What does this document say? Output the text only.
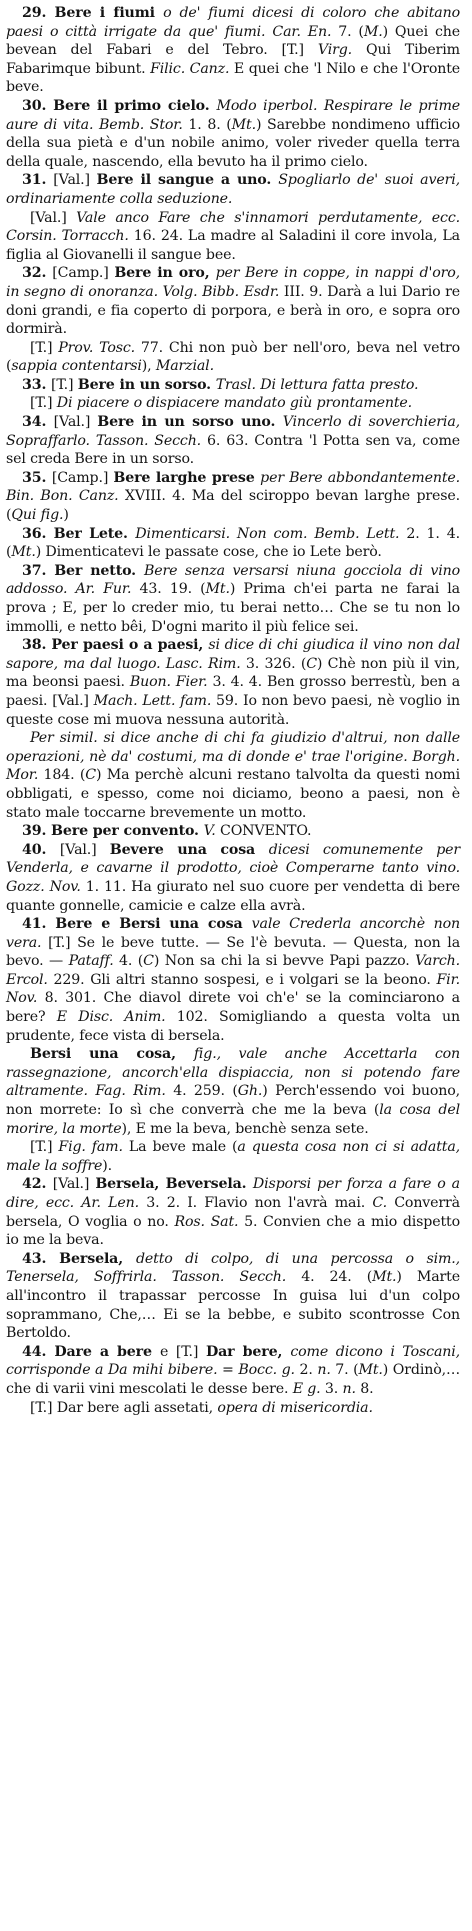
29. Bere i fiumi o de' fiumi dicesi di coloro che abitano paesi o città irrigate da que' fiumi. Car. En. 7. (M.) Quei che bevean del Fabari e del Tebro. [T.] Virg. Qui Tiberim Fabarimque bibunt. Filic. Canz. E quei che 'l Nilo e che l'Oronte beve.

30. Bere il primo cielo. Modo iperbol. Respirare le prime aure di vita. Bemb. Stor. 1. 8. (Mt.) Sarebbe nondimeno ufficio della sua pietà e d'un nobile animo, voler riveder quella terra della quale, nascendo, ella bevuto ha il primo cielo.

31. [Val.] Bere il sangue a uno. Spogliarlo de' suoi averi, ordinariamente colla seduzione.

[Val.] Vale anco Fare che s'innamori perdutamente, ecc. Corsin. Torracch. 16. 24. La madre al Saladini il core invola, La figlia al Giovanelli il sangue bee.

32. [Camp.] Bere in oro, per Bere in coppe, in nappi d'oro, in segno di onoranza. Volg. Bibb. Esdr. III. 9. Darà a lui Dario re doni grandi, e fia coperto di porpora, e berà in oro, e sopra oro dormirà.

[T.] Prov. Tosc. 77. Chi non può ber nell'oro, beva nel vetro (sappia contentarsi), Marzial.

33. [T.] Bere in un sorso. Trasl. Di lettura fatta presto.

[T.] Di piacere o dispiacere mandato giù prontamente.

34. [Val.] Bere in un sorso uno. Vincerlo di soverchieria, Sopraffarlo. Tasson. Secch. 6. 63. Contra 'l Potta sen va, come sel creda Bere in un sorso.

35. [Camp.] Bere larghe prese per Bere abbondantemente. Bin. Bon. Canz. XVIII. 4. Ma del sciroppo bevan larghe prese. (Qui fig.)

36. Ber Lete. Dimenticarsi. Non com. Bemb. Lett. 2. 1. 4. (Mt.) Dimenticatevi le passate cose, che io Lete berò.

37. Ber netto. Bere senza versarsi niuna gocciola di vino addosso. Ar. Fur. 43. 19. (Mt.) Prima ch'ei parta ne farai la prova ; E, per lo creder mio, tu berai netto… Che se tu non lo immolli, e netto bêi, D'ogni marito il più felice sei.

38. Per paesi o a paesi, si dice di chi giudica il vino non dal sapore, ma dal luogo. Lasc. Rim. 3. 326. (C) Chè non più il vin, ma beonsi paesi. Buon. Fier. 3. 4. 4. Ben grosso berrestù, ben a paesi. [Val.] Mach. Lett. fam. 59. Io non bevo paesi, nè voglio in queste cose mi muova nessuna autorità.

Per simil. si dice anche di chi fa giudizio d'altrui, non dalle operazioni, nè da' costumi, ma di donde e' trae l'origine. Borgh. Mor. 184. (C) Ma perchè alcuni restano talvolta da questi nomi obbligati, e spesso, come noi diciamo, beono a paesi, non è stato male toccarne brevemente un motto.

39. Bere per convento. V. CONVENTO.

40. [Val.] Bevere una cosa dicesi comunemente per Venderla, e cavarne il prodotto, cioè Comperarne tanto vino. Gozz. Nov. 1. 11. Ha giurato nel suo cuore per vendetta di bere quante gonnelle, camicie e calze ella avrà.

41. Bere e Bersi una cosa vale Crederla ancorchè non vera. [T.] Se le beve tutte. — Se l'è bevuta. — Questa, non la bevo. — Pataff. 4. (C) Non sa chi la si bevve Papi pazzo. Varch. Ercol. 229. Gli altri stanno sospesi, e i volgari se la beono. Fir. Nov. 8. 301. Che diavol direte voi ch'e' se la cominciarono a bere? E Disc. Anim. 102. Somigliando a questa volta un prudente, fece vista di bersela.

Bersi una cosa, fig., vale anche Accettarla con rassegnazione, ancorch'ella dispiaccia, non si potendo fare altramente. Fag. Rim. 4. 259. (Gh.) Perch'essendo voi buono, non morrete: Io sì che converrà che me la beva (la cosa del morire, la morte), E me la beva, benchè senza sete.

[T.] Fig. fam. La beve male (a questa cosa non ci si adatta, male la soffre).

42. [Val.] Bersela, Beversela. Disporsi per forza a fare o a dire, ecc. Ar. Len. 3. 2. I. Flavio non l'avrà mai. C. Converrà bersela, O voglia o no. Ros. Sat. 5. Convien che a mio dispetto io me la beva.

43. Bersela, detto di colpo, di una percossa o sim., Tenersela, Soffrirla. Tasson. Secch. 4. 24. (Mt.) Marte all'incontro il trapassar percosse In guisa lui d'un colpo soprammano, Che,… Ei se la bebbe, e subito scontrosse Con Bertoldo.

44. Dare a bere e [T.] Dar bere, come dicono i Toscani, corrisponde a Da mihi bibere. = Bocc. g. 2. n. 7. (Mt.) Ordinò,… che di varii vini mescolati le desse bere. E g. 3. n. 8.

[T.] Dar bere agli assetati, opera di misericordia.
